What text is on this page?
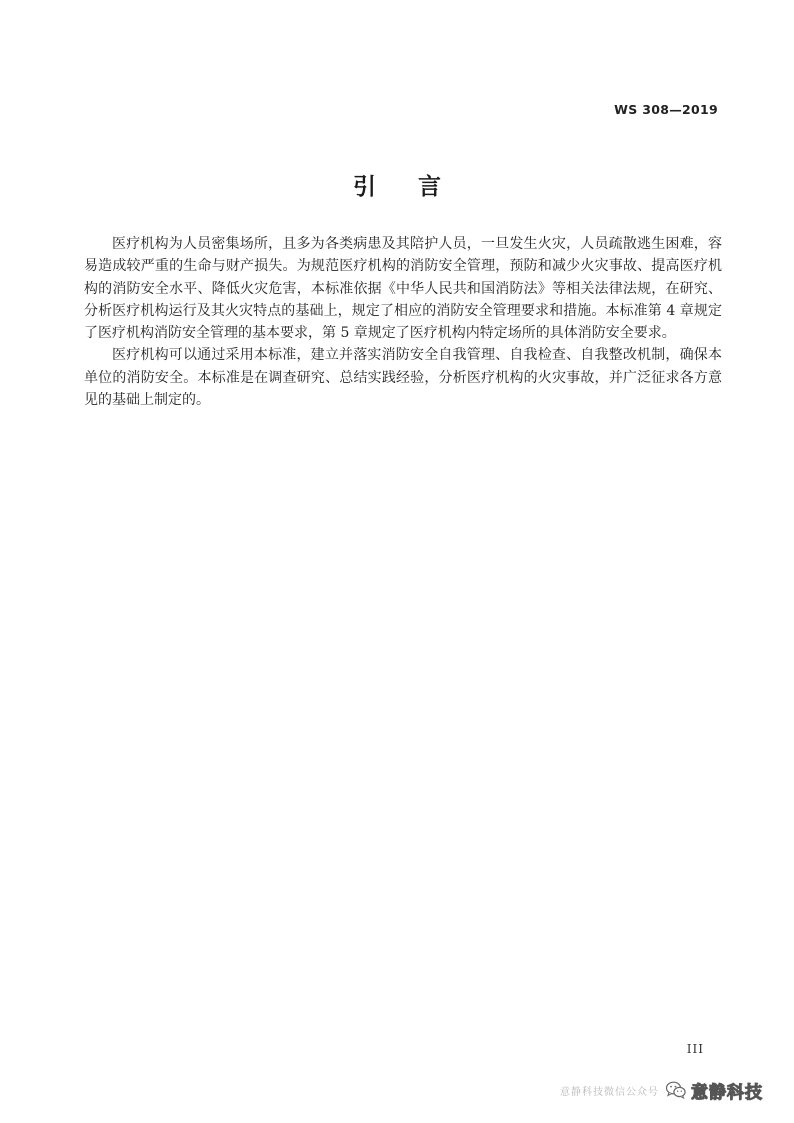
WS 308—2019
引言

医疗机构为人员密集场所，且多为各类病患及其陪护人员，一旦发生火灾，人员疏散逃生困难，容易造成较严重的生命与财产损失。为规范医疗机构的消防安全管理，预防和减少火灾事故、提高医疗机构的消防安全水平、降低火灾危害，本标准依据《中华人民共和国消防法》等相关法律法规，在研究、分析医疗机构运行及其火灾特点的基础上，规定了相应的消防安全管理要求和措施。本标准第 4 章规定了医疗机构消防安全管理的基本要求，第 5 章规定了医疗机构内特定场所的具体消防安全要求。

医疗机构可以通过采用本标准，建立并落实消防安全自我管理、自我检查、自我整改机制，确保本单位的消防安全。本标准是在调查研究、总结实践经验，分析医疗机构的火灾事故，并广泛征求各方意见的基础上制定的。

III
意静科技微信公众号 意静科技
